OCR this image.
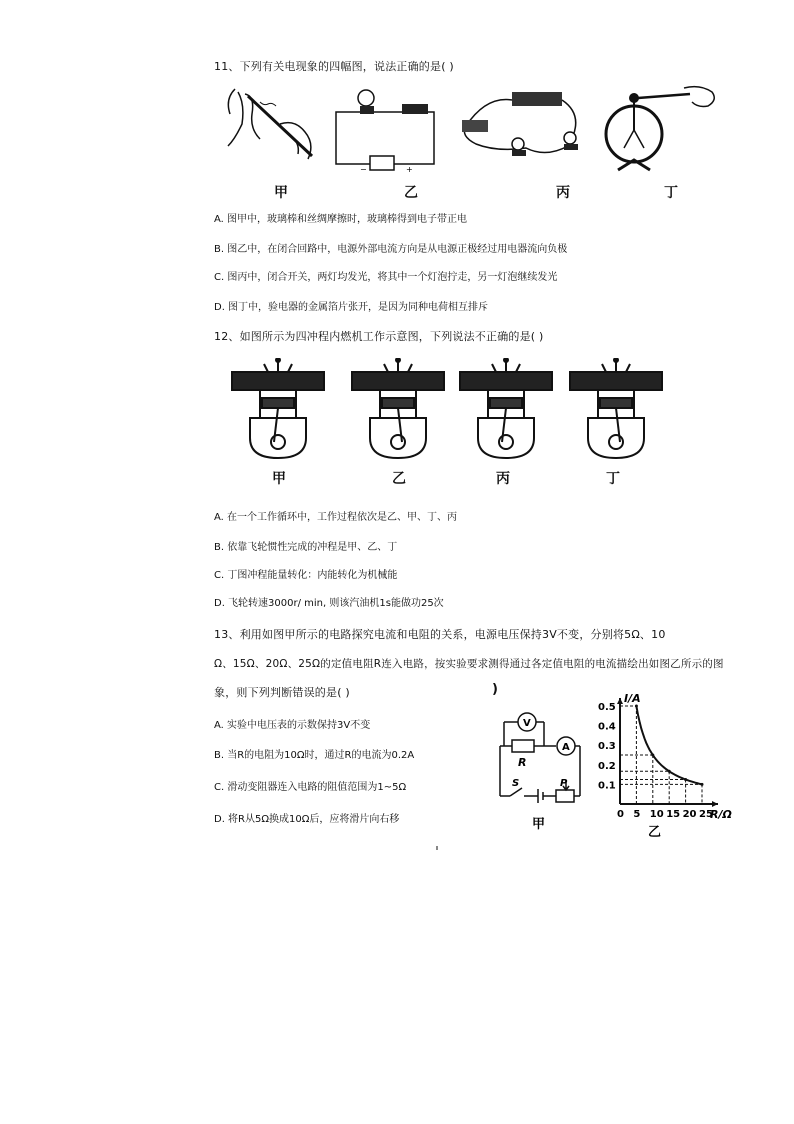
11、下列有关电现象的四幅图，说法正确的是( )
甲
+
−
乙	丙	丁
A. 图甲中，玻璃棒和丝绸摩擦时，玻璃棒得到电子带正电
B. 图乙中，在闭合回路中，电源外部电流方向是从电源正极经过用电器流向负极
C. 图丙中，闭合开关，两灯均发光，将其中一个灯泡拧走，另一灯泡继续发光
D. 图丁中，验电器的金属箔片张开，是因为同种电荷相互排斥
12、如图所示为四冲程内燃机工作示意图，下列说法不正确的是( )
甲	乙	丙	丁
A. 在一个工作循环中，工作过程依次是乙、甲、丁、丙
B. 依靠飞轮惯性完成的冲程是甲、乙、丁
C. 丁图冲程能量转化：内能转化为机械能
D. 飞轮转速3000r/ min, 则该汽油机1s能做功25次
13、利用如图甲所示的电路探究电流和电阻的关系，电源电压保持3V不变，分别将5Ω、10
Ω、15Ω、20Ω、25Ω的定值电阻R连入电路，按实验要求测得通过各定值电阻的电流描绘出如图乙所示的图
象，则下列判断错误的是( )	)
A. 实验中电压表的示数保持3V不变
B. 当R的电阻为10Ω时，通过R的电流为0.2A
C. 滑动变阻器连入电路的阻值范围为1~5Ω
D. 将R从5Ω换成10Ω后，应将滑片向右移
V
A
R
P
S
甲
I/A
R/Ω
乙
0.5
0.4
0.3
0.2
0.1
0 5 10 15 20 25
